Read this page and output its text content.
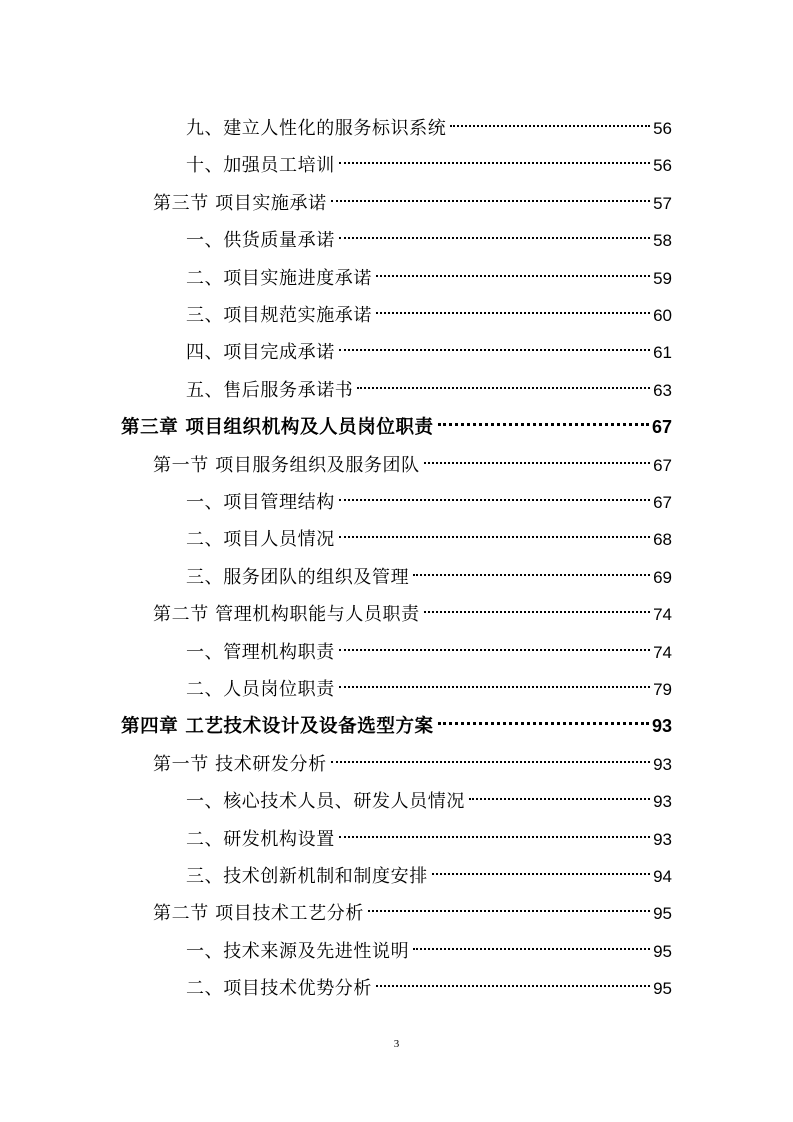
九、建立人性化的服务标识系统	56
十、加强员工培训	56
第三节 项目实施承诺	57
一、供货质量承诺	58
二、项目实施进度承诺	59
三、项目规范实施承诺	60
四、项目完成承诺	61
五、售后服务承诺书	63
第三章 项目组织机构及人员岗位职责	67
第一节 项目服务组织及服务团队	67
一、项目管理结构	67
二、项目人员情况	68
三、服务团队的组织及管理	69
第二节 管理机构职能与人员职责	74
一、管理机构职责	74
二、人员岗位职责	79
第四章 工艺技术设计及设备选型方案	93
第一节 技术研发分析	93
一、核心技术人员、研发人员情况	93
二、研发机构设置	93
三、技术创新机制和制度安排	94
第二节 项目技术工艺分析	95
一、技术来源及先进性说明	95
二、项目技术优势分析	95
3
